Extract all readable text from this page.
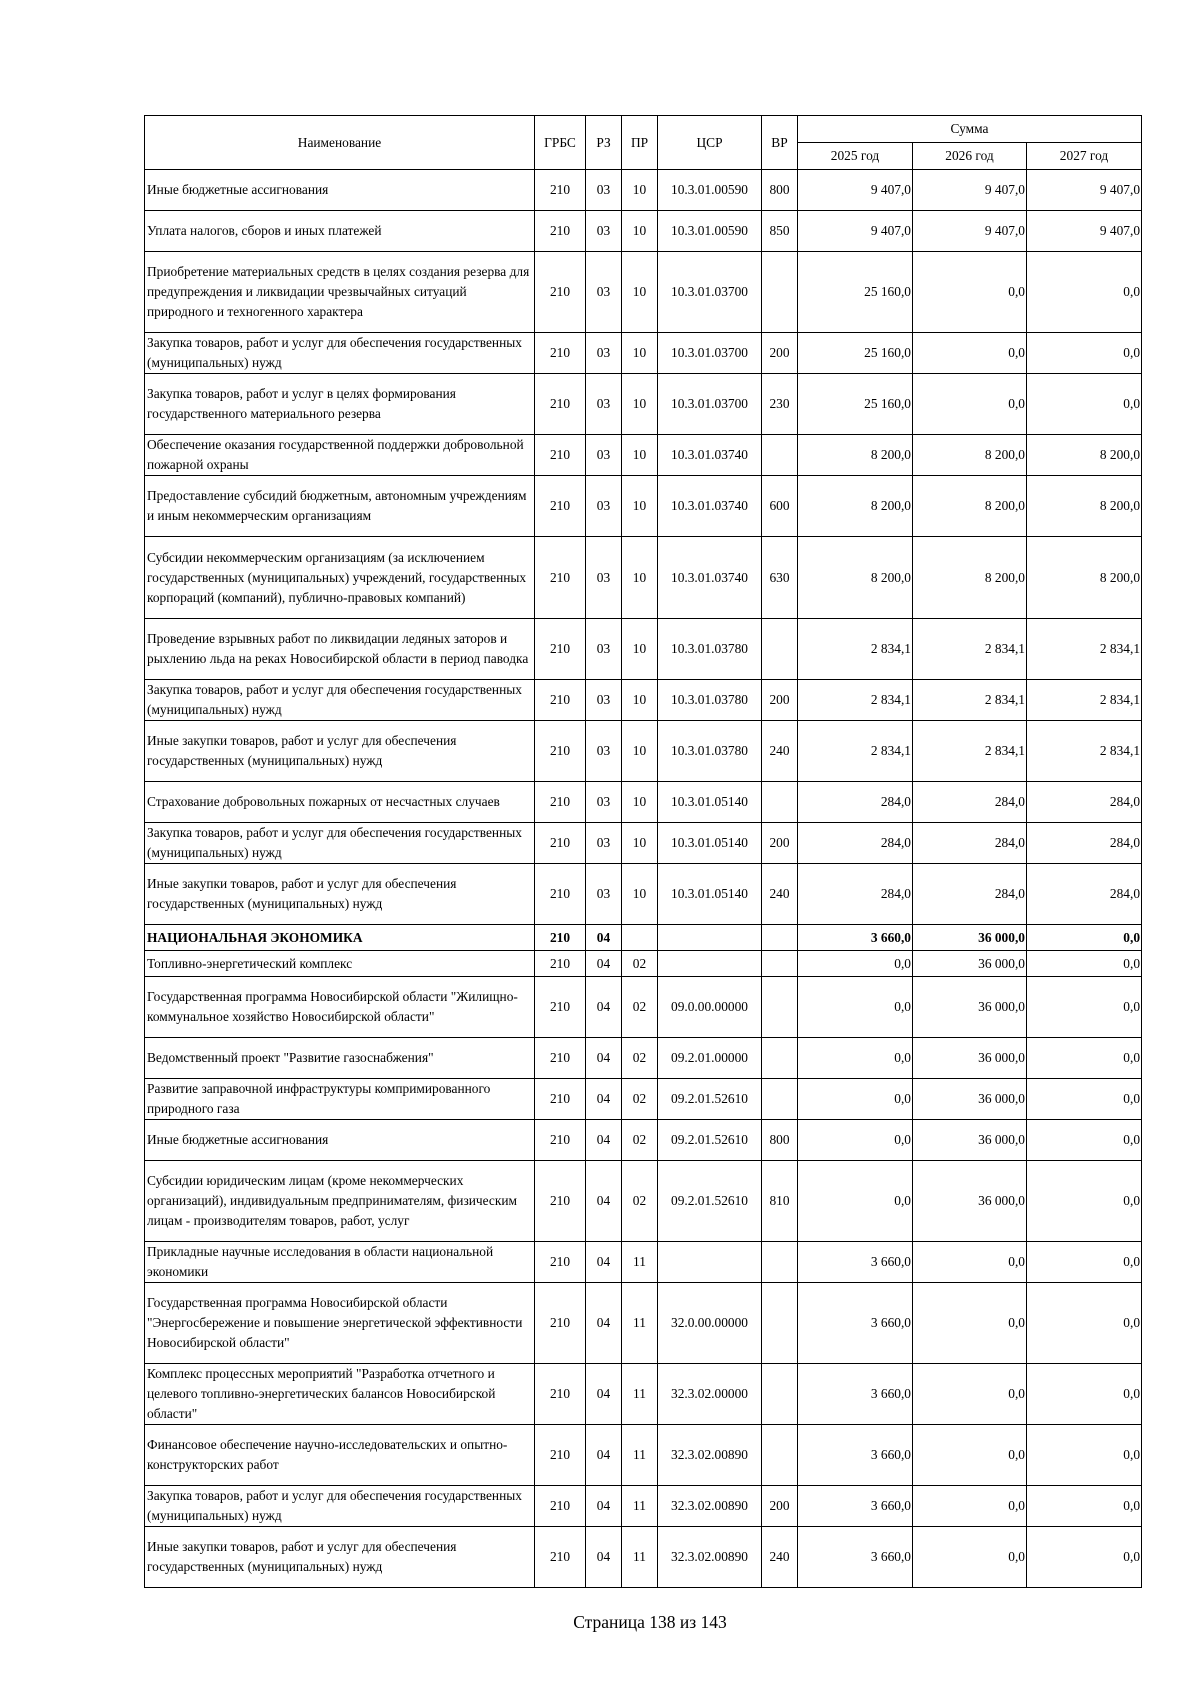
Наименование	ГРБС	РЗ	ПР	ЦСР	ВР	Сумма		
						2025 год	2026 год	2027 год
Иные бюджетные ассигнования	210	03	10	10.3.01.00590	800	9 407,0	9 407,0	9 407,0
Уплата налогов, сборов и иных платежей	210	03	10	10.3.01.00590	850	9 407,0	9 407,0	9 407,0
Приобретение материальных средств в целях создания резерва для предупреждения и ликвидации чрезвычайных ситуаций природного и техногенного характера	210	03	10	10.3.01.03700		25 160,0	0,0	0,0
Закупка товаров, работ и услуг для обеспечения государственных (муниципальных) нужд	210	03	10	10.3.01.03700	200	25 160,0	0,0	0,0
Закупка товаров, работ и услуг в целях формирования государственного материального резерва	210	03	10	10.3.01.03700	230	25 160,0	0,0	0,0
Обеспечение оказания государственной поддержки добровольной пожарной охраны	210	03	10	10.3.01.03740		8 200,0	8 200,0	8 200,0
Предоставление субсидий бюджетным, автономным учреждениям и иным некоммерческим организациям	210	03	10	10.3.01.03740	600	8 200,0	8 200,0	8 200,0
Субсидии некоммерческим организациям (за исключением государственных (муниципальных) учреждений, государственных корпораций (компаний), публично-правовых компаний)	210	03	10	10.3.01.03740	630	8 200,0	8 200,0	8 200,0
Проведение взрывных работ по ликвидации ледяных заторов и рыхлению льда на реках Новосибирской области в период паводка	210	03	10	10.3.01.03780		2 834,1	2 834,1	2 834,1
Закупка товаров, работ и услуг для обеспечения государственных (муниципальных) нужд	210	03	10	10.3.01.03780	200	2 834,1	2 834,1	2 834,1
Иные закупки товаров, работ и услуг для обеспечения государственных (муниципальных) нужд	210	03	10	10.3.01.03780	240	2 834,1	2 834,1	2 834,1
Страхование добровольных пожарных от несчастных случаев	210	03	10	10.3.01.05140		284,0	284,0	284,0
Закупка товаров, работ и услуг для обеспечения государственных (муниципальных) нужд	210	03	10	10.3.01.05140	200	284,0	284,0	284,0
Иные закупки товаров, работ и услуг для обеспечения государственных (муниципальных) нужд	210	03	10	10.3.01.05140	240	284,0	284,0	284,0
НАЦИОНАЛЬНАЯ ЭКОНОМИКА	210	04				3 660,0	36 000,0	0,0
Топливно-энергетический комплекс	210	04	02			0,0	36 000,0	0,0
Государственная программа Новосибирской области "Жилищно-коммунальное хозяйство Новосибирской области"	210	04	02	09.0.00.00000		0,0	36 000,0	0,0
Ведомственный проект "Развитие газоснабжения"	210	04	02	09.2.01.00000		0,0	36 000,0	0,0
Развитие заправочной инфраструктуры компримированного природного газа	210	04	02	09.2.01.52610		0,0	36 000,0	0,0
Иные бюджетные ассигнования	210	04	02	09.2.01.52610	800	0,0	36 000,0	0,0
Субсидии юридическим лицам (кроме некоммерческих организаций), индивидуальным предпринимателям, физическим лицам - производителям товаров, работ, услуг	210	04	02	09.2.01.52610	810	0,0	36 000,0	0,0
Прикладные научные исследования в области национальной экономики	210	04	11			3 660,0	0,0	0,0
Государственная программа Новосибирской области "Энергосбережение и повышение энергетической эффективности Новосибирской области"	210	04	11	32.0.00.00000		3 660,0	0,0	0,0
Комплекс процессных мероприятий "Разработка отчетного и целевого топливно-энергетических балансов Новосибирской области"	210	04	11	32.3.02.00000		3 660,0	0,0	0,0
Финансовое обеспечение научно-исследовательских и опытно-конструкторских работ	210	04	11	32.3.02.00890		3 660,0	0,0	0,0
Закупка товаров, работ и услуг для обеспечения государственных (муниципальных) нужд	210	04	11	32.3.02.00890	200	3 660,0	0,0	0,0
Иные закупки товаров, работ и услуг для обеспечения государственных (муниципальных) нужд	210	04	11	32.3.02.00890	240	3 660,0	0,0	0,0
Страница 138 из 143
